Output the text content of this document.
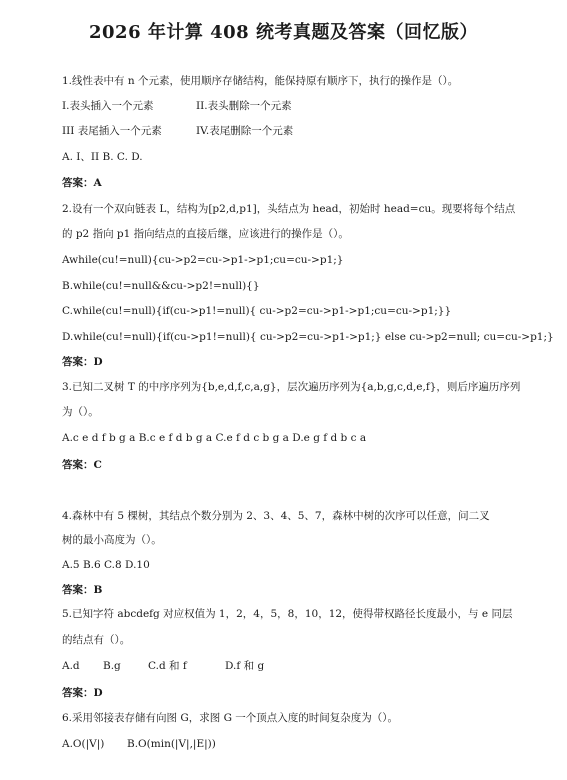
2026 年计算 408 统考真题及答案（回忆版）
1.线性表中有 n 个元素，使用顺序存储结构，能保持原有顺序下，执行的操作是（）。
I.表头插入一个元素	II.表头删除一个元素
III 表尾插入一个元素	IV.表尾删除一个元素
A. I、II B. C. D.
答案：A
2.设有一个双向链表 L，结构为[p2,d,p1]，头结点为 head，初始时 head=cu。现要将每个结点
的 p2 指向 p1 指向结点的直接后继，应该进行的操作是（）。
Awhile(cu!=null){cu->p2=cu->p1->p1;cu=cu->p1;}
B.while(cu!=null&&cu->p2!=null){}
C.while(cu!=null){if(cu->p1!=null){ cu->p2=cu->p1->p1;cu=cu->p1;}}
D.while(cu!=null){if(cu->p1!=null){ cu->p2=cu->p1->p1;} else cu->p2=null; cu=cu->p1;}
答案：D
3.已知二叉树 T 的中序序列为{b,e,d,f,c,a,g}，层次遍历序列为{a,b,g,c,d,e,f}，则后序遍历序列
为（）。
A.c e d f b g a B.c e f d b g a C.e f d c b g a D.e g f d b c a
答案：C
4.森林中有 5 棵树，其结点个数分别为 2、3、4、5、7，森林中树的次序可以任意，问二叉
树的最小高度为（）。
A.5 B.6 C.8 D.10
答案：B
5.已知字符 abcdefg 对应权值为 1，2，4，5，8，10，12，使得带权路径长度最小，与 e 同层
的结点有（）。
A.d B.g	C.d 和 f	D.f 和 g
答案：D
6.采用邻接表存储有向图 G，求图 G 一个顶点入度的时间复杂度为（）。
A.O(|V|) B.O(min(|V|,|E|))
